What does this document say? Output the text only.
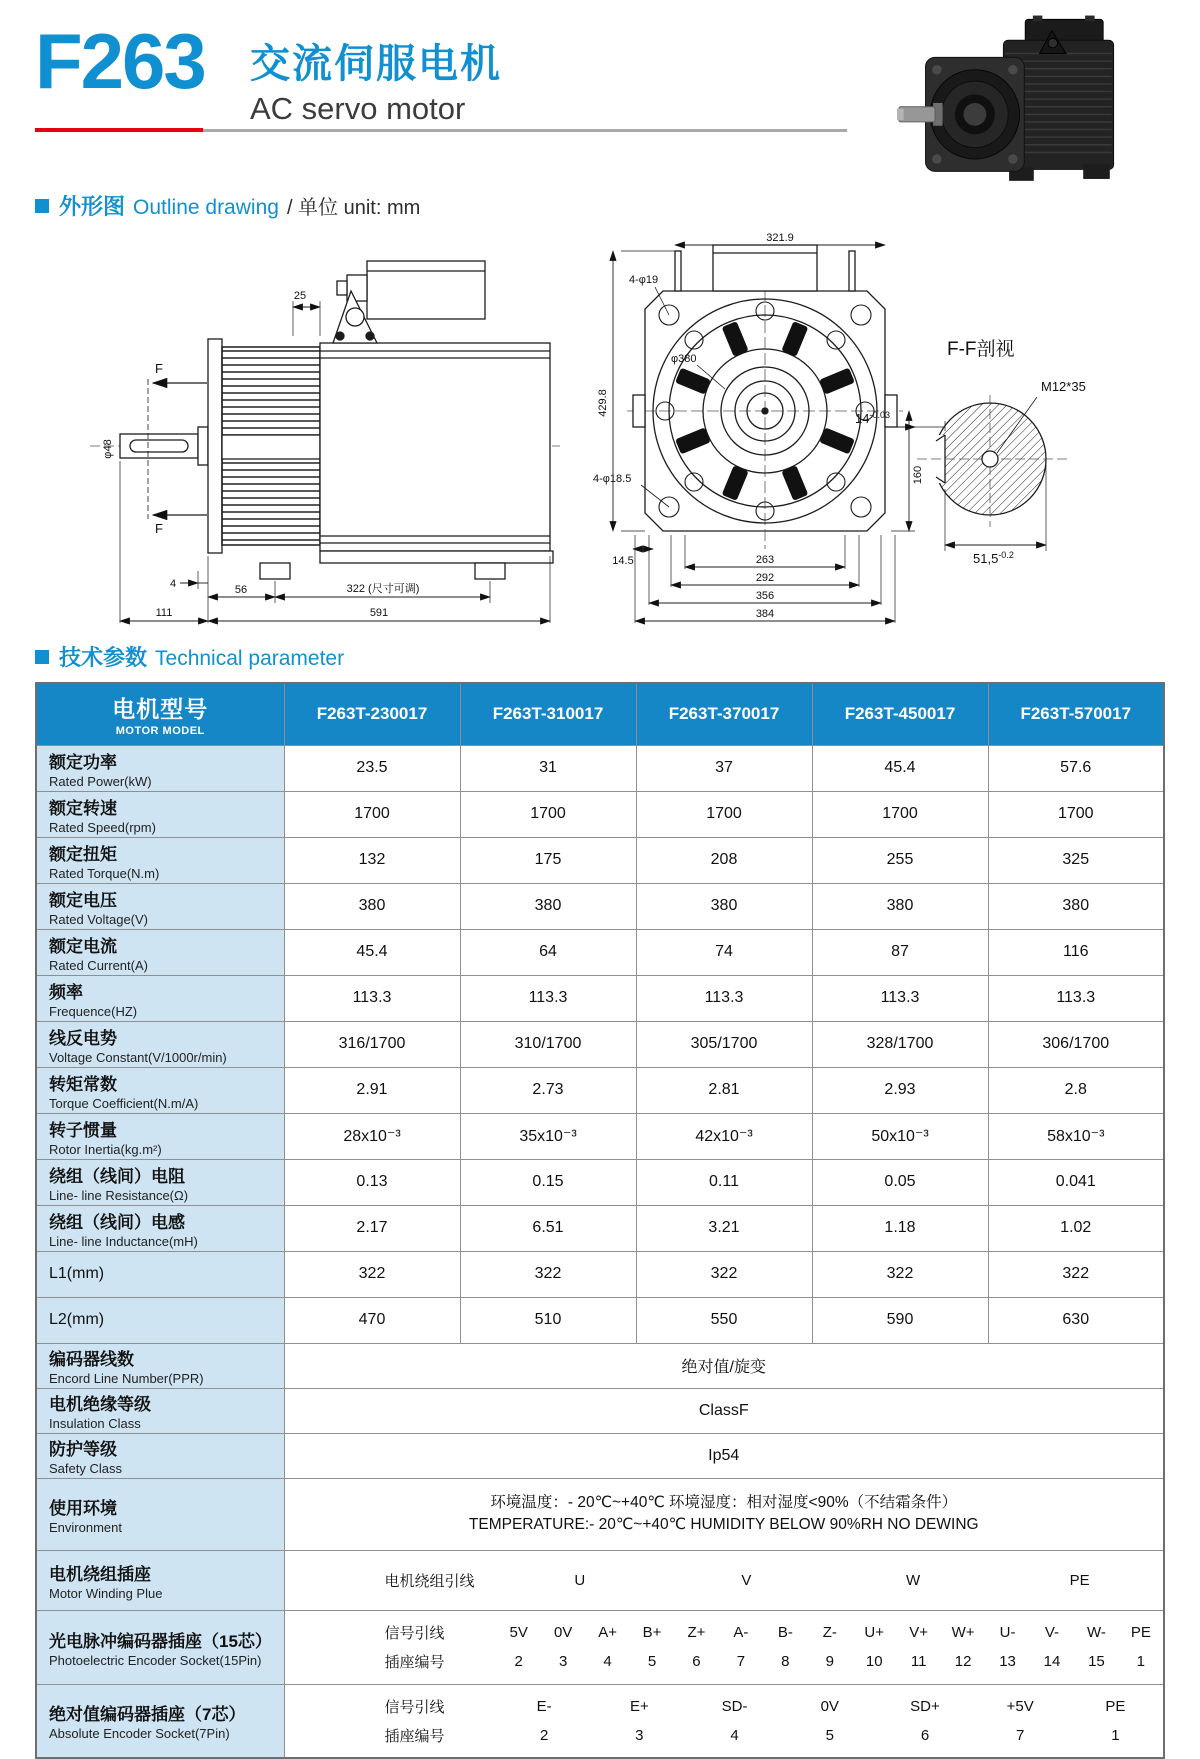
F263 交流伺服电机
AC servo motor
外形图 Outline drawing / 单位 unit: mm
25
F
F
φ48
4	56	322 (尺寸可调)
111	591
321.9
429.8
160
4-φ19
φ380
4-φ18.5
14.5	263
292
356
384
F-F剖视
$14^{-0.03}$
M12*35
$51,5^{-0.2}$
技术参数 Technical parameter
电机型号
MOTOR MODEL	F263T-230017	F263T-310017	F263T-370017	F263T-450017	F263T-570017

额定功率
Rated Power(kW)	23.5	31	37	45.4	57.6

额定转速
Rated Speed(rpm)	1700	1700	1700	1700	1700

额定扭矩
Rated Torque(N.m)	132	175	208	255	325

额定电压
Rated Voltage(V)	380	380	380	380	380

额定电流
Rated Current(A)	45.4	64	74	87	116

频率
Frequence(HZ)	113.3	113.3	113.3	113.3	113.3

线反电势
Voltage Constant(V/1000r/min)	316/1700	310/1700	305/1700	328/1700	306/1700

转矩常数
Torque Coefficient(N.m/A)	2.91	2.73	2.81	2.93	2.8

转子惯量
Rotor Inertia(kg.m²)	28x10⁻³	35x10⁻³	42x10⁻³	50x10⁻³	58x10⁻³

绕组（线间）电阻
Line- line Resistance(Ω)	0.13	0.15	0.11	0.05	0.041

绕组（线间）电感
Line- line Inductance(mH)	2.17	6.51	3.21	1.18	1.02

L1(mm)	322	322	322	322	322

L2(mm)	470	510	550	590	630

编码器线数
Encord Line Number(PPR)	绝对值/旋变				

电机绝缘等级
Insulation Class	ClassF				

防护等级
Safety Class	Ip54				

使用环境
Environment

环境温度：- 20℃~+40℃ 环境湿度：相对湿度<90%（不结霜条件）
TEMPERATURE:- 20℃~+40℃ HUMIDITY BELOW 90%RH NO DEWING

电机绕组插座
Motor Winding Plue

电机绕组引线	U	V	W	PE

光电脉冲编码器插座（15芯）
Photoelectric Encoder Socket(15Pin)

信号引线	5V	0V	A+	B+	Z+	A-	B-	Z-	U+	V+	W+	U-	V-	W-	PE
插座编号	2	3	4	5	6	7	8	9	10	11	12	13	14	15	1

绝对值编码器插座（7芯）
Absolute Encoder Socket(7Pin)

信号引线	E-	E+	SD-	0V	SD+	+5V	PE
插座编号	2	3	4	5	6	7	1
